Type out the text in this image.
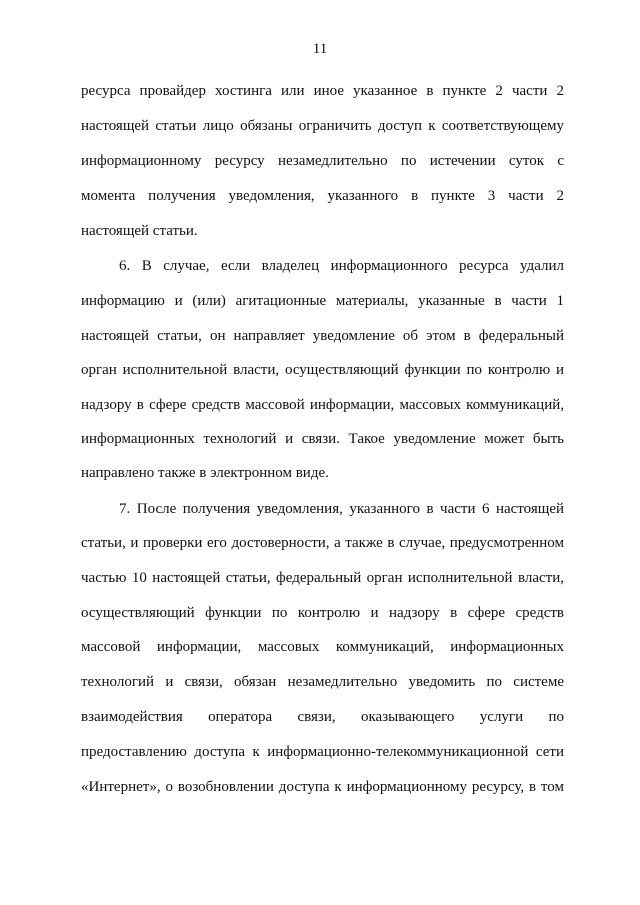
11
ресурса провайдер хостинга или иное указанное в пункте 2 части 2
настоящей статьи лицо обязаны ограничить доступ к соответствующему
информационному ресурсу незамедлительно по истечении суток с
момента получения уведомления, указанного в пункте 3 части 2
настоящей статьи.
6. В случае, если владелец информационного ресурса удалил
информацию и (или) агитационные материалы, указанные в части 1
настоящей статьи, он направляет уведомление об этом в федеральный
орган исполнительной власти, осуществляющий функции по контролю и
надзору в сфере средств массовой информации, массовых коммуникаций,
информационных технологий и связи. Такое уведомление может быть
направлено также в электронном виде.
7. После получения уведомления, указанного в части 6 настоящей
статьи, и проверки его достоверности, а также в случае, предусмотренном
частью 10 настоящей статьи, федеральный орган исполнительной власти,
осуществляющий функции по контролю и надзору в сфере средств
массовой информации, массовых коммуникаций, информационных
технологий и связи, обязан незамедлительно уведомить по системе
взаимодействия оператора связи, оказывающего услуги по
предоставлению доступа к информационно-телекоммуникационной сети
«Интернет», о возобновлении доступа к информационному ресурсу, в том
